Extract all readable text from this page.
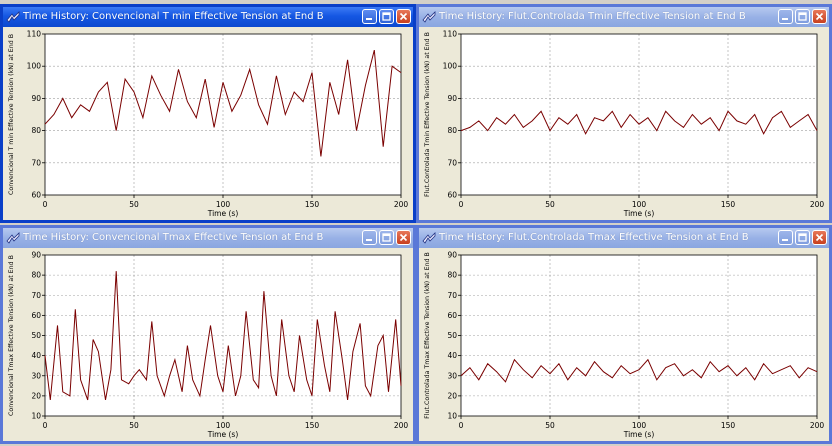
Time History: Convencional T min Effective Tension at End B
0	50	100	150	200
60
70
80
90
100
110
Time (s)
Convencional T min Effective Tension (kN) at End B
Time History: Flut.Controlada Tmin Effective Tension at End B
0	50	100	150	200
60
70
80
90
100
110
Time (s)
Flut.Controlada Tmin Effective Tension (kN) at End B
Time History: Convencional Tmax Effective Tension at End B
0	50	100	150	200
10
20
30
40
50
60
70
80
90
Time (s)
Convencional Tmax Effective Tension (kN) at End B
Time History: Flut.Controlada Tmax Effective Tension at End B
0	50	100	150	200
10
20
30
40
50
60
70
80
90
Time (s)
Flut.Controlada Tmax Effective Tension (kN) at End B
